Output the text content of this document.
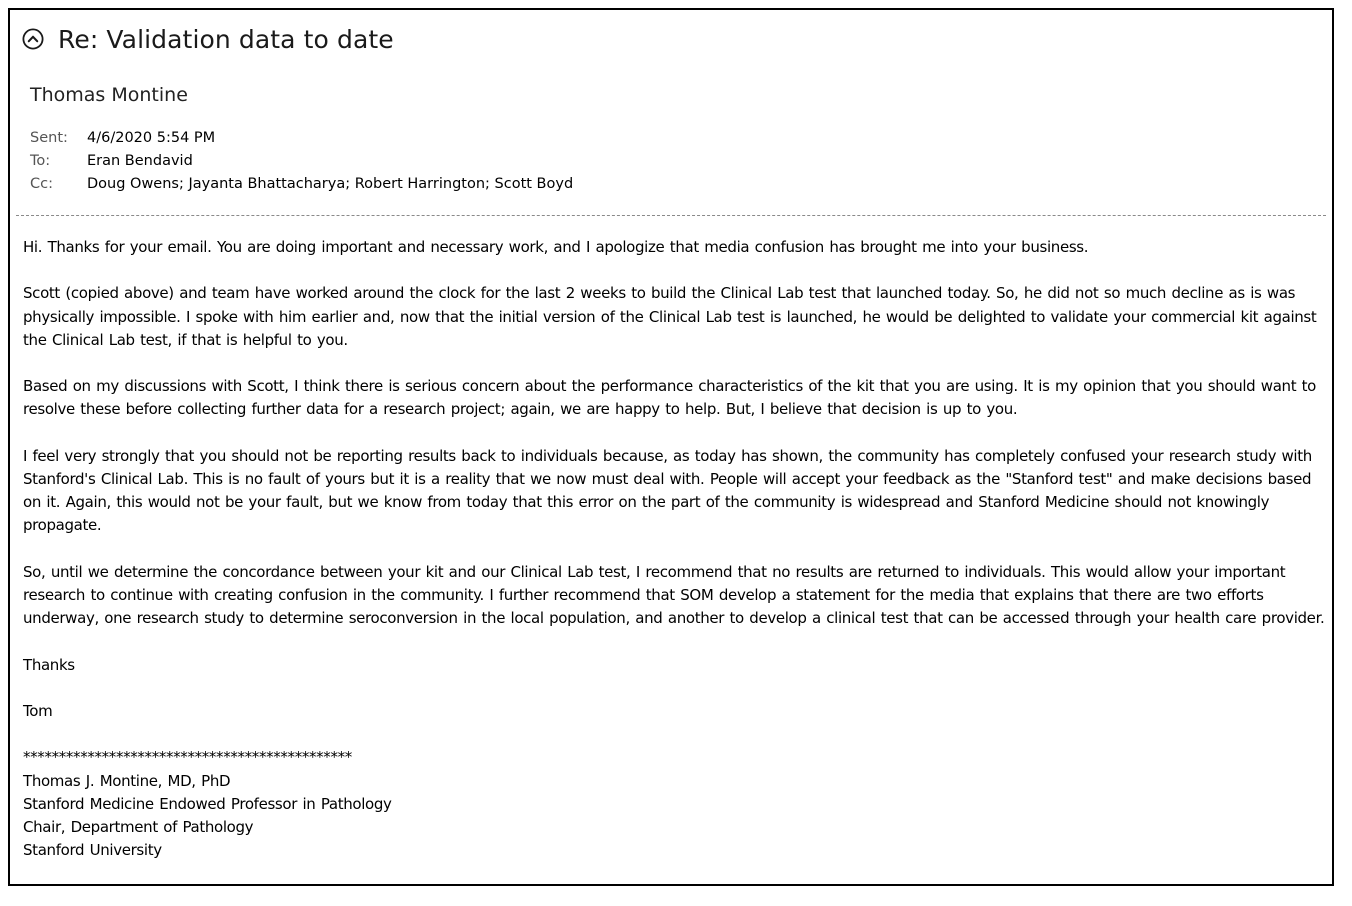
Re: Validation data to date
Thomas Montine
Sent:	4/6/2020 5:54 PM
To:	Eran Bendavid
Cc:	Doug Owens; Jayanta Bhattacharya; Robert Harrington; Scott Boyd

Hi. Thanks for your email. You are doing important and necessary work, and I apologize that media confusion has brought me into your business.

Scott (copied above) and team have worked around the clock for the last 2 weeks to build the Clinical Lab test that launched today. So, he did not so much decline as is was physically impossible. I spoke with him earlier and, now that the initial version of the Clinical Lab test is launched, he would be delighted to validate your commercial kit against the Clinical Lab test, if that is helpful to you.

Based on my discussions with Scott, I think there is serious concern about the performance characteristics of the kit that you are using. It is my opinion that you should want to resolve these before collecting further data for a research project; again, we are happy to help. But, I believe that decision is up to you.

I feel very strongly that you should not be reporting results back to individuals because, as today has shown, the community has completely confused your research study with Stanford's Clinical Lab. This is no fault of yours but it is a reality that we now must deal with. People will accept your feedback as the "Stanford test" and make decisions based on it. Again, this would not be your fault, but we know from today that this error on the part of the community is widespread and Stanford Medicine should not knowingly propagate.

So, until we determine the concordance between your kit and our Clinical Lab test, I recommend that no results are returned to individuals. This would allow your important research to continue with creating confusion in the community. I further recommend that SOM develop a statement for the media that explains that there are two efforts underway, one research study to determine seroconversion in the local population, and another to develop a clinical test that can be accessed through your health care provider.

Thanks

Tom

**********************************************
Thomas J. Montine, MD, PhD
Stanford Medicine Endowed Professor in Pathology
Chair, Department of Pathology
Stanford University
